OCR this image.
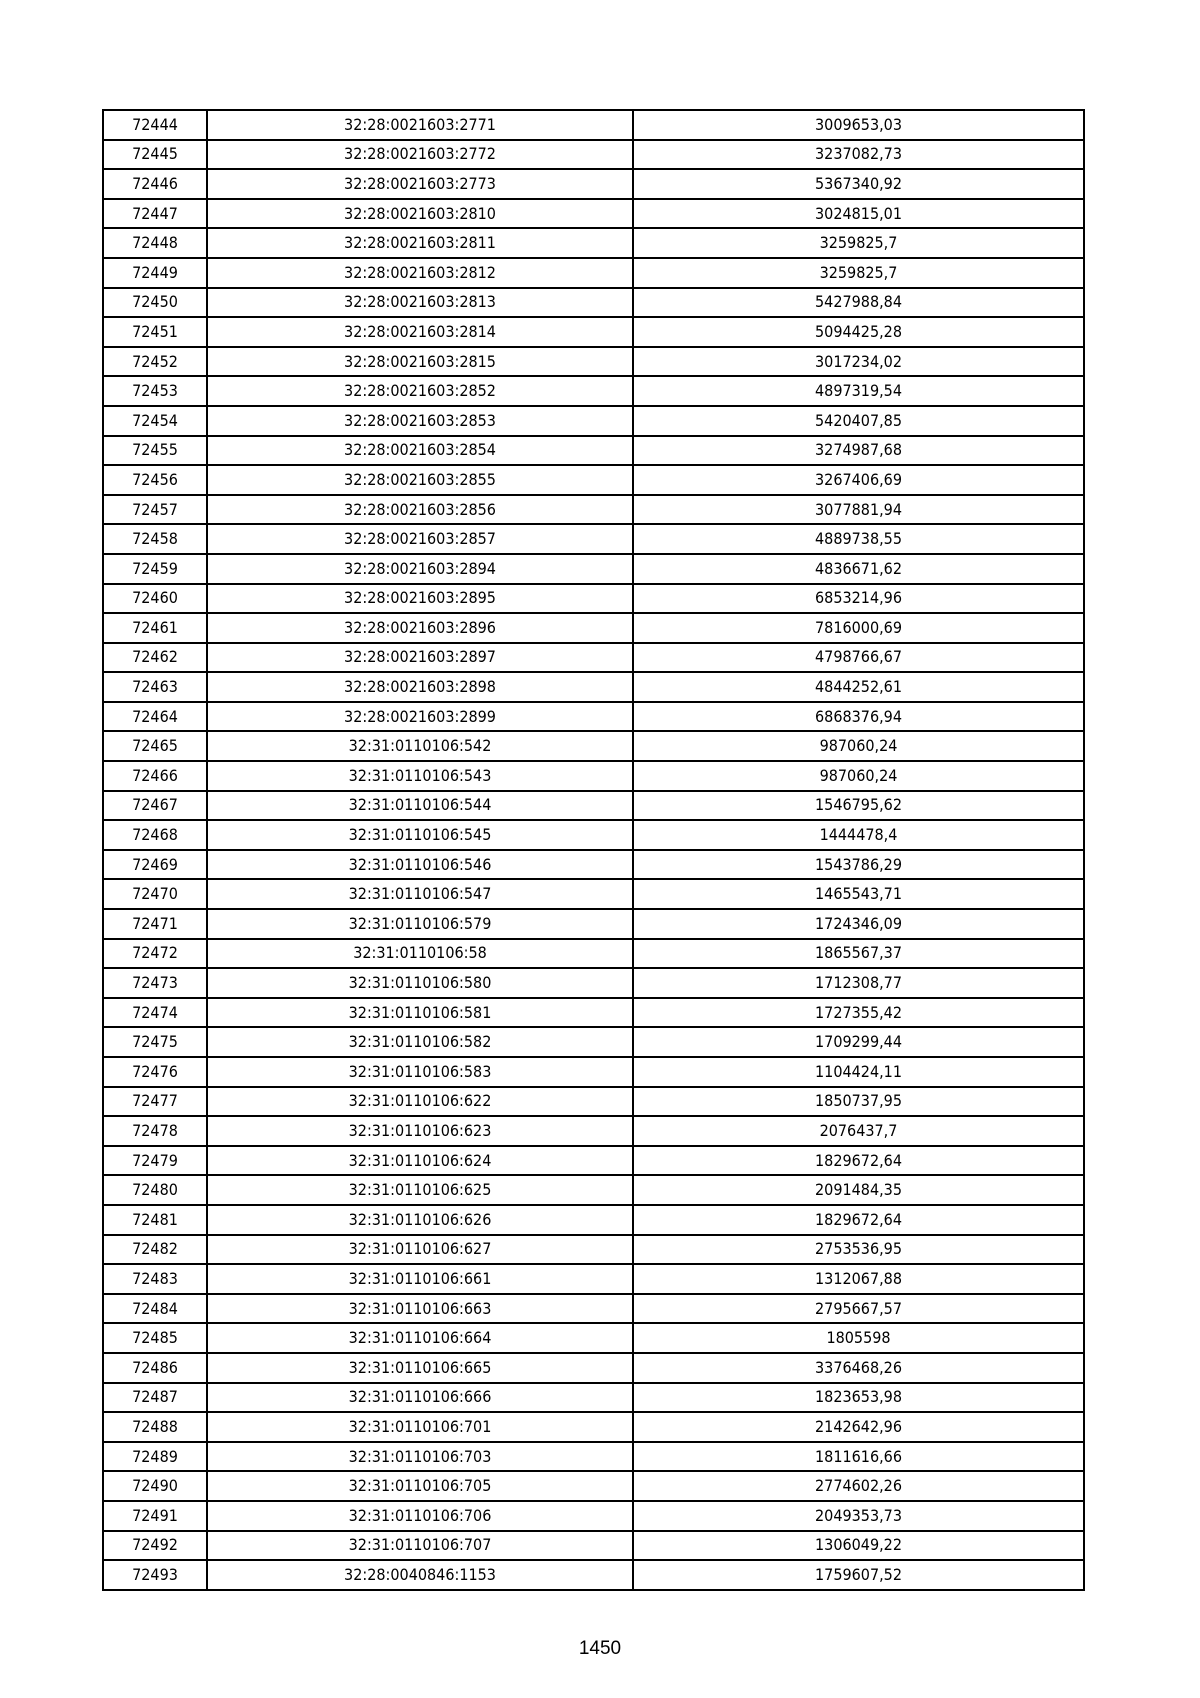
72444	32:28:0021603:2771	3009653,03
72445	32:28:0021603:2772	3237082,73
72446	32:28:0021603:2773	5367340,92
72447	32:28:0021603:2810	3024815,01
72448	32:28:0021603:2811	3259825,7
72449	32:28:0021603:2812	3259825,7
72450	32:28:0021603:2813	5427988,84
72451	32:28:0021603:2814	5094425,28
72452	32:28:0021603:2815	3017234,02
72453	32:28:0021603:2852	4897319,54
72454	32:28:0021603:2853	5420407,85
72455	32:28:0021603:2854	3274987,68
72456	32:28:0021603:2855	3267406,69
72457	32:28:0021603:2856	3077881,94
72458	32:28:0021603:2857	4889738,55
72459	32:28:0021603:2894	4836671,62
72460	32:28:0021603:2895	6853214,96
72461	32:28:0021603:2896	7816000,69
72462	32:28:0021603:2897	4798766,67
72463	32:28:0021603:2898	4844252,61
72464	32:28:0021603:2899	6868376,94
72465	32:31:0110106:542	987060,24
72466	32:31:0110106:543	987060,24
72467	32:31:0110106:544	1546795,62
72468	32:31:0110106:545	1444478,4
72469	32:31:0110106:546	1543786,29
72470	32:31:0110106:547	1465543,71
72471	32:31:0110106:579	1724346,09
72472	32:31:0110106:58	1865567,37
72473	32:31:0110106:580	1712308,77
72474	32:31:0110106:581	1727355,42
72475	32:31:0110106:582	1709299,44
72476	32:31:0110106:583	1104424,11
72477	32:31:0110106:622	1850737,95
72478	32:31:0110106:623	2076437,7
72479	32:31:0110106:624	1829672,64
72480	32:31:0110106:625	2091484,35
72481	32:31:0110106:626	1829672,64
72482	32:31:0110106:627	2753536,95
72483	32:31:0110106:661	1312067,88
72484	32:31:0110106:663	2795667,57
72485	32:31:0110106:664	1805598
72486	32:31:0110106:665	3376468,26
72487	32:31:0110106:666	1823653,98
72488	32:31:0110106:701	2142642,96
72489	32:31:0110106:703	1811616,66
72490	32:31:0110106:705	2774602,26
72491	32:31:0110106:706	2049353,73
72492	32:31:0110106:707	1306049,22
72493	32:28:0040846:1153	1759607,52
1450
